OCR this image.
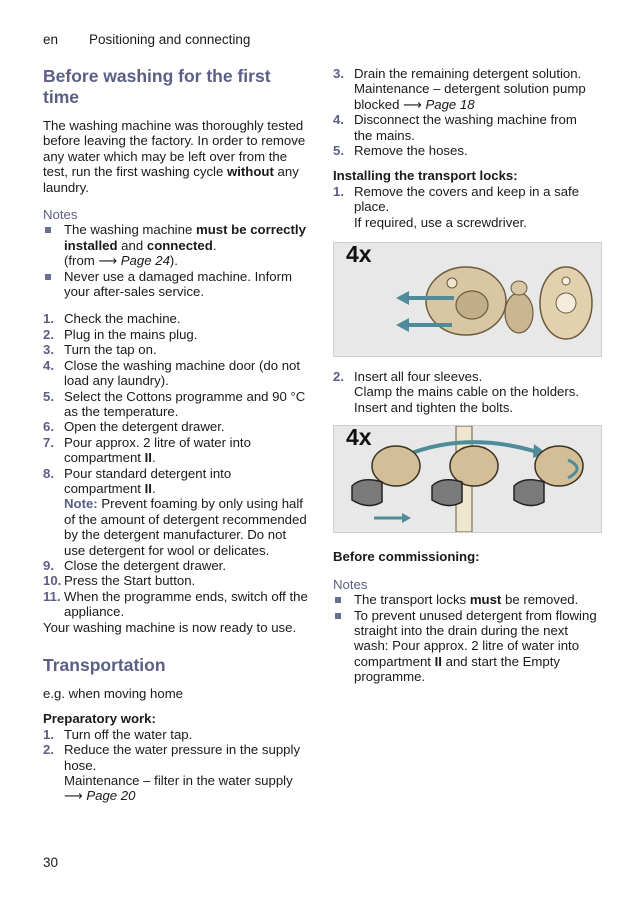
en Positioning and connecting
Before washing for the first time

The washing machine was thoroughly tested before leaving the factory. In order to remove any water which may be left over from the test, run the first washing cycle without any laundry.

Notes

The washing machine must be correctly installed and connected.
(from ⟶ Page 24).
Never use a damaged machine. Inform your after-sales service.
1. Check the machine.
2. Plug in the mains plug.
3. Turn the tap on.
4. Close the washing machine door (do not load any laundry).
5. Select the Cottons programme and 90 °C as the temperature.
6. Open the detergent drawer.
7. Pour approx. 2 litre of water into compartment II.
8. Pour standard detergent into compartment II.
Note: Prevent foaming by only using half of the amount of detergent recommended by the detergent manufacturer. Do not use detergent for wool or delicates.
9. Close the detergent drawer.
10. Press the Start button.
11. When the programme ends, switch off the appliance.

Your washing machine is now ready to use.

Transportation

e.g. when moving home

Preparatory work:

1. Turn off the water tap.
2. Reduce the water pressure in the supply hose.
Maintenance – filter in the water supply ⟶ Page 20
3. Drain the remaining detergent solution.
Maintenance – detergent solution pump blocked ⟶ Page 18
4. Disconnect the washing machine from the mains.
5. Remove the hoses.

Installing the transport locks:

1. Remove the covers and keep in a safe place.
If required, use a screwdriver.
4x
2. Insert all four sleeves.
Clamp the mains cable on the holders. Insert and tighten the bolts.
4x

Before commissioning:

Notes

The transport locks must be removed.
To prevent unused detergent from flowing straight into the drain during the next wash: Pour approx. 2 litre of water into compartment II and start the Empty programme.
30
